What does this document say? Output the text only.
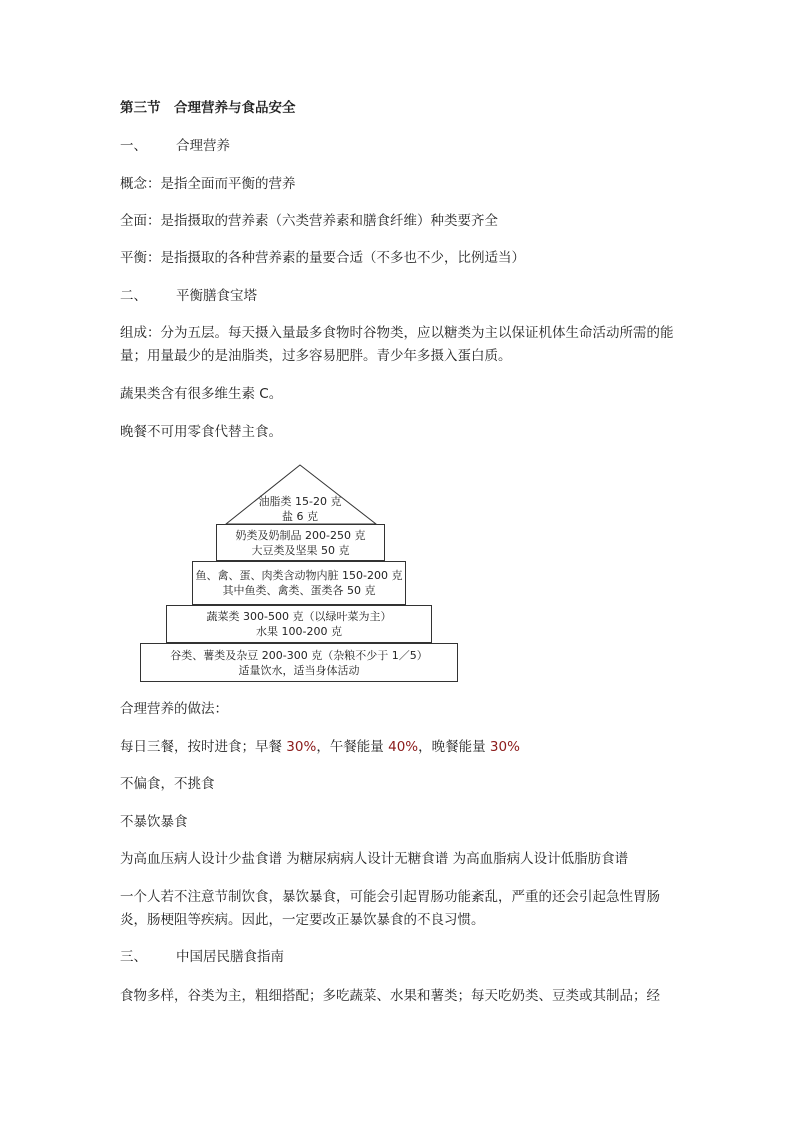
第三节　合理营养与食品安全
一、 合理营养
概念：是指全面而平衡的营养
全面：是指摄取的营养素（六类营养素和膳食纤维）种类要齐全
平衡：是指摄取的各种营养素的量要合适（不多也不少，比例适当）
二、 平衡膳食宝塔
组成：分为五层。每天摄入量最多食物时谷物类，应以糖类为主以保证机体生命活动所需的能量；用量最少的是油脂类，过多容易肥胖。青少年多摄入蛋白质。
蔬果类含有很多维生素 C。
晚餐不可用零食代替主食。
油脂类 15-20 克
盐 6 克
奶类及奶制品 200-250 克
大豆类及坚果 50 克
鱼、禽、蛋、肉类含动物内脏 150-200 克
其中鱼类、禽类、蛋类各 50 克
蔬菜类 300-500 克（以绿叶菜为主）
水果 100-200 克
谷类、薯类及杂豆 200-300 克（杂粮不少于 1／5）
适量饮水，适当身体活动
合理营养的做法：
每日三餐，按时进食；早餐 30%，午餐能量 40%，晚餐能量 30%
不偏食，不挑食
不暴饮暴食
为高血压病人设计少盐食谱 为糖尿病病人设计无糖食谱 为高血脂病人设计低脂肪食谱
一个人若不注意节制饮食，暴饮暴食，可能会引起胃肠功能紊乱，严重的还会引起急性胃肠炎，肠梗阻等疾病。因此，一定要改正暴饮暴食的不良习惯。
三、 中国居民膳食指南
食物多样，谷类为主，粗细搭配；多吃蔬菜、水果和薯类；每天吃奶类、豆类或其制品；经
